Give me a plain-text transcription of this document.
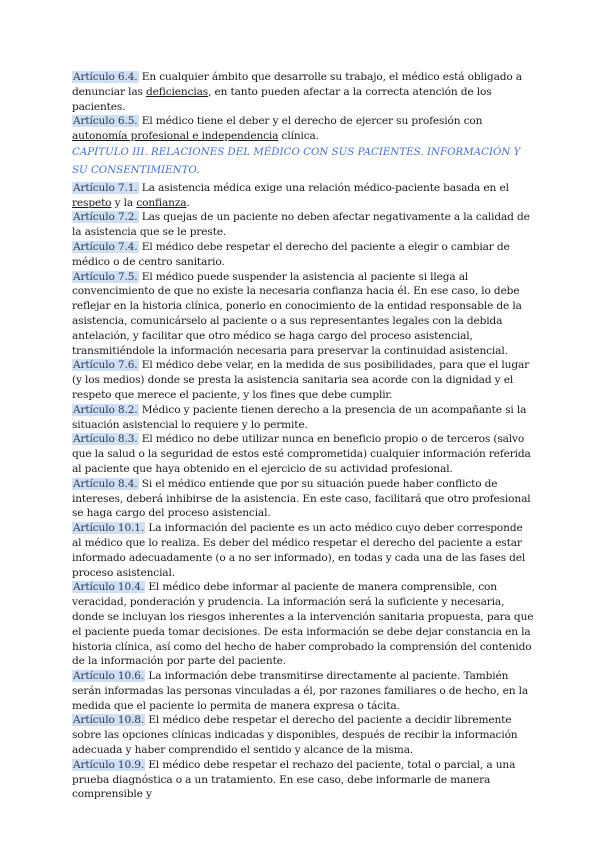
Artículo 6.4. En cualquier ámbito que desarrolle su trabajo, el médico está obligado a denunciar las deficiencias, en tanto pueden afectar a la correcta atención de los pacientes.

Artículo 6.5. El médico tiene el deber y el derecho de ejercer su profesión con autonomía profesional e independencia clínica.

CAPÍTULO III. RELACIONES DEL MÉDICO CON SUS PACIENTES. INFORMACIÓN Y SU CONSENTIMIENTO.

Artículo 7.1. La asistencia médica exige una relación médico-paciente basada en el respeto y la confianza.

Artículo 7.2. Las quejas de un paciente no deben afectar negativamente a la calidad de la asistencia que se le preste.

Artículo 7.4. El médico debe respetar el derecho del paciente a elegir o cambiar de médico o de centro sanitario.

Artículo 7.5. El médico puede suspender la asistencia al paciente si llega al convencimiento de que no existe la necesaria confianza hacia él. En ese caso, lo debe reflejar en la historia clínica, ponerlo en conocimiento de la entidad responsable de la asistencia, comunicárselo al paciente o a sus representantes legales con la debida antelación, y facilitar que otro médico se haga cargo del proceso asistencial, transmitiéndole la información necesaria para preservar la continuidad asistencial.

Artículo 7.6. El médico debe velar, en la medida de sus posibilidades, para que el lugar (y los medios) donde se presta la asistencia sanitaria sea acorde con la dignidad y el respeto que merece el paciente, y los fines que debe cumplir.

Artículo 8.2. Médico y paciente tienen derecho a la presencia de un acompañante si la situación asistencial lo requiere y lo permite.

Artículo 8.3. El médico no debe utilizar nunca en beneficio propio o de terceros (salvo que la salud o la seguridad de estos esté comprometida) cualquier información referida al paciente que haya obtenido en el ejercicio de su actividad profesional.

Artículo 8.4. Si el médico entiende que por su situación puede haber conflicto de intereses, deberá inhibirse de la asistencia. En este caso, facilitará que otro profesional se haga cargo del proceso asistencial.

Artículo 10.1. La información del paciente es un acto médico cuyo deber corresponde al médico que lo realiza. Es deber del médico respetar el derecho del paciente a estar informado adecuadamente (o a no ser informado), en todas y cada una de las fases del proceso asistencial.

Artículo 10.4. El médico debe informar al paciente de manera comprensible, con veracidad, ponderación y prudencia. La información será la suficiente y necesaria, donde se incluyan los riesgos inherentes a la intervención sanitaria propuesta, para que el paciente pueda tomar decisiones. De esta información se debe dejar constancia en la historia clínica, así como del hecho de haber comprobado la comprensión del contenido de la información por parte del paciente.

Artículo 10.6. La información debe transmitirse directamente al paciente. También serán informadas las personas vinculadas a él, por razones familiares o de hecho, en la medida que el paciente lo permita de manera expresa o tácita.

Artículo 10.8. El médico debe respetar el derecho del paciente a decidir libremente sobre las opciones clínicas indicadas y disponibles, después de recibir la información adecuada y haber comprendido el sentido y alcance de la misma.

Artículo 10.9. El médico debe respetar el rechazo del paciente, total o parcial, a una prueba diagnóstica o a un tratamiento. En ese caso, debe informarle de manera comprensible y
